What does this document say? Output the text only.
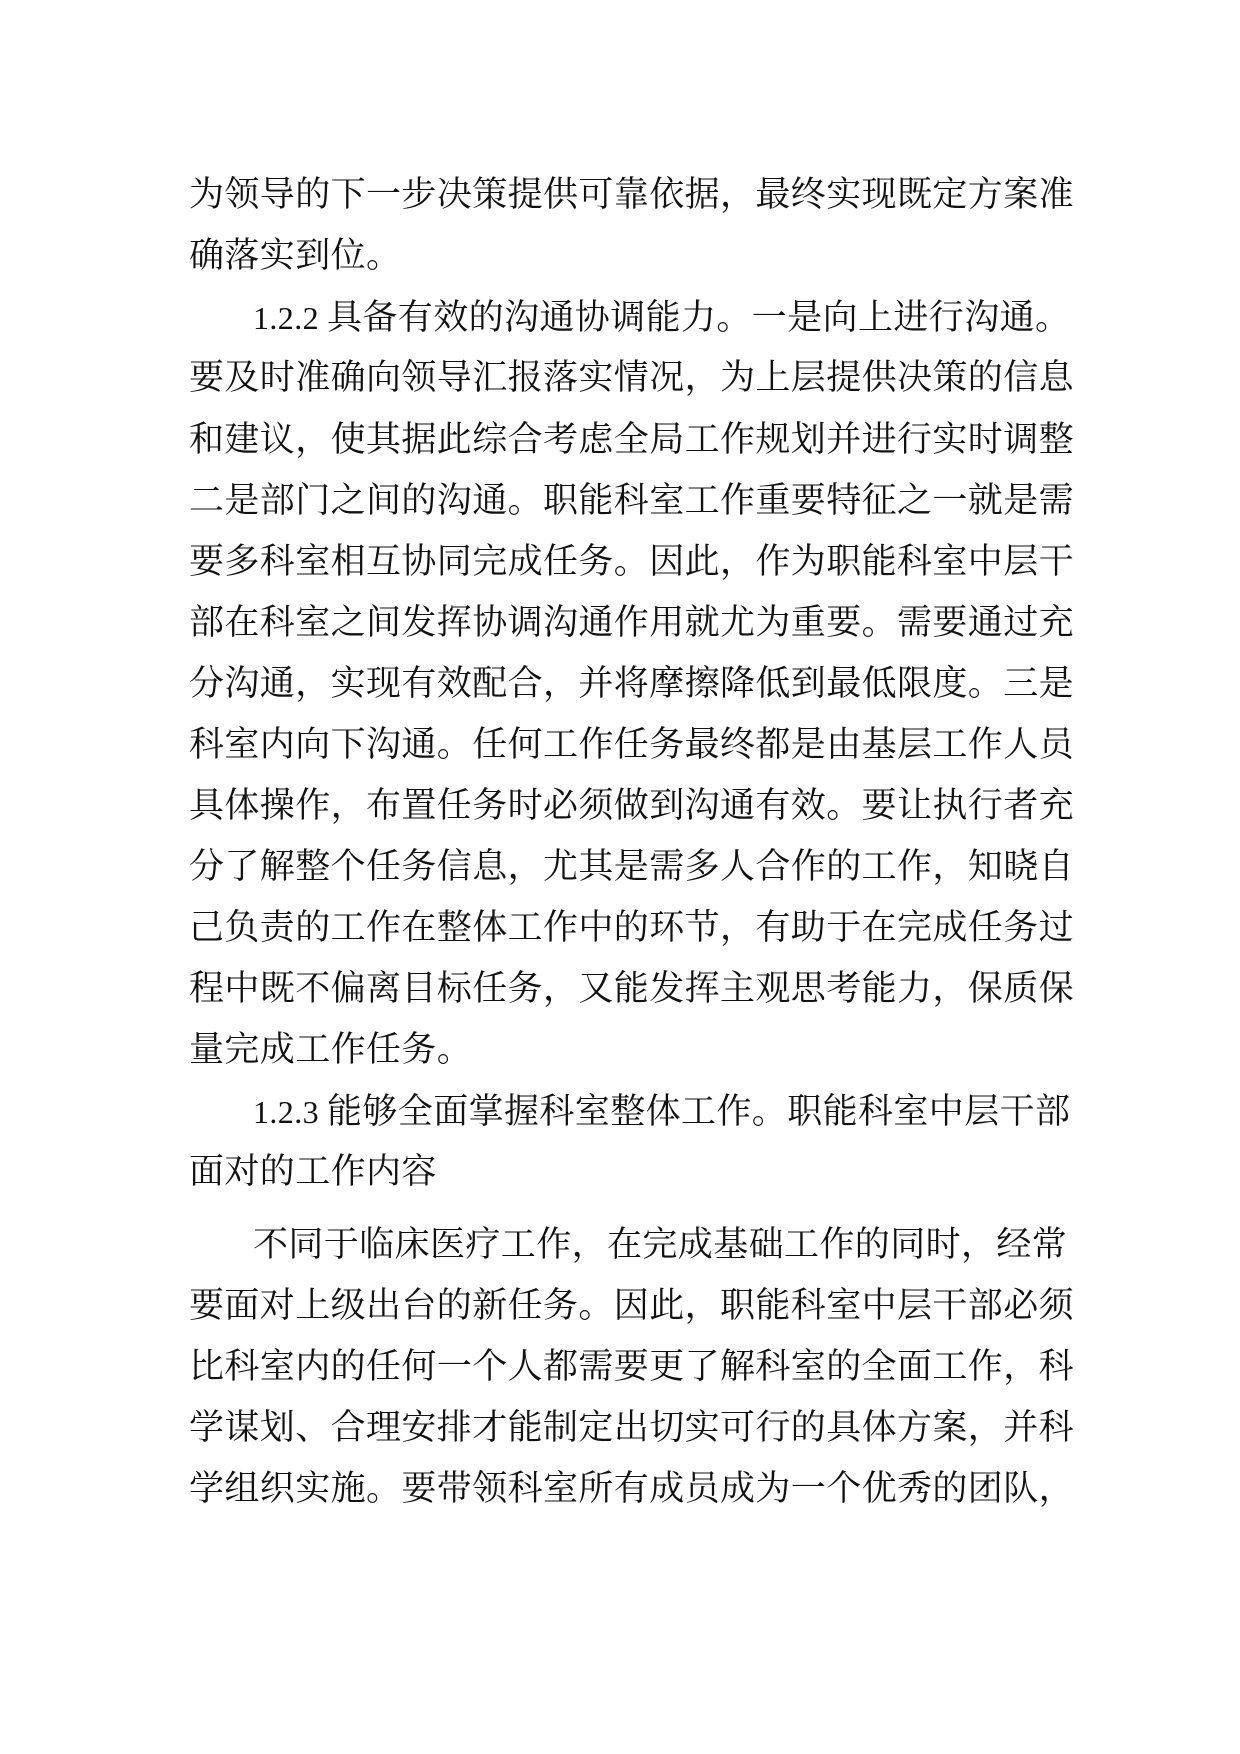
为领导的下一步决策提供可靠依据，最终实现既定方案准
确落实到位。
1.2.2 具备有效的沟通协调能力。一是向上进行沟通。
要及时准确向领导汇报落实情况，为上层提供决策的信息
和建议，使其据此综合考虑全局工作规划并进行实时调整
二是部门之间的沟通。职能科室工作重要特征之一就是需
要多科室相互协同完成任务。因此，作为职能科室中层干
部在科室之间发挥协调沟通作用就尤为重要。需要通过充
分沟通，实现有效配合，并将摩擦降低到最低限度。三是
科室内向下沟通。任何工作任务最终都是由基层工作人员
具体操作，布置任务时必须做到沟通有效。要让执行者充
分了解整个任务信息，尤其是需多人合作的工作，知晓自
己负责的工作在整体工作中的环节，有助于在完成任务过
程中既不偏离目标任务，又能发挥主观思考能力，保质保
量完成工作任务。
1.2.3 能够全面掌握科室整体工作。职能科室中层干部
面对的工作内容
不同于临床医疗工作，在完成基础工作的同时，经常
要面对上级出台的新任务。因此，职能科室中层干部必须
比科室内的任何一个人都需要更了解科室的全面工作，科
学谋划、合理安排才能制定出切实可行的具体方案，并科
学组织实施。要带领科室所有成员成为一个优秀的团队，
